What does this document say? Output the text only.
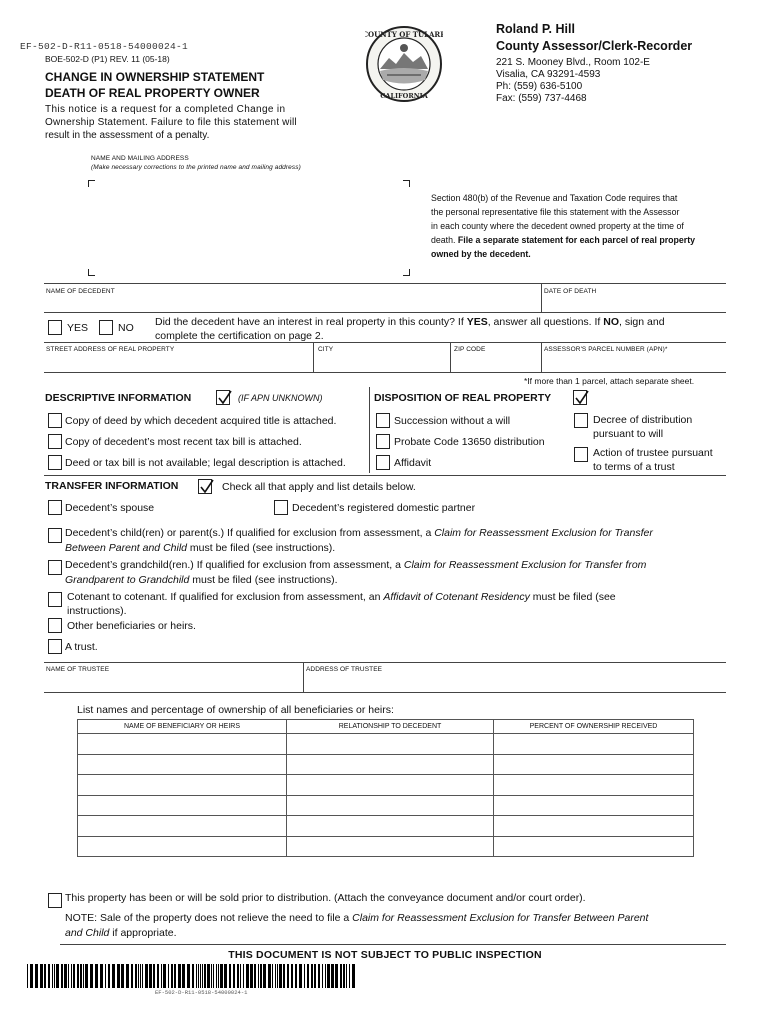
EF-502-D-R11-0518-54000024-1
BOE-502-D (P1) REV. 11 (05-18)
CHANGE IN OWNERSHIP STATEMENT
DEATH OF REAL PROPERTY OWNER
This notice is a request for a completed Change in
Ownership Statement. Failure to file this statement will
result in the assessment of a penalty.
COUNTY OF TULARE
CALIFORNIA
Roland P. Hill
County Assessor/Clerk-Recorder
221 S. Mooney Blvd., Room 102-E
Visalia, CA 93291-4593
Ph: (559) 636-5100
Fax: (559) 737-4468
NAME AND MAILING ADDRESS
(Make necessary corrections to the printed name and mailing address)
Section 480(b) of the Revenue and Taxation Code requires that
the personal representative file this statement with the Assessor
in each county where the decedent owned property at the time of
death. File a separate statement for each parcel of real property
owned by the decedent.
NAME OF DECEDENT	DATE OF DEATH
YES	NO Did the decedent have an interest in real property in this county? If YES, answer all questions. If NO, sign and
complete the certification on page 2.
STREET ADDRESS OF REAL PROPERTY	CITY	ZIP CODE	ASSESSOR'S PARCEL NUMBER (APN)*
*If more than 1 parcel, attach separate sheet.
DESCRIPTIVE INFORMATION	(IF APN UNKNOWN)
Copy of deed by which decedent acquired title is attached.
Copy of decedent’s most recent tax bill is attached.
Deed or tax bill is not available; legal description is attached.
DISPOSITION OF REAL PROPERTY
Succession without a will
Probate Code 13650 distribution
Affidavit
Decree of distribution
pursuant to will
Action of trustee pursuant
to terms of a trust
TRANSFER INFORMATION	Check all that apply and list details below.
Decedent’s spouse	Decedent’s registered domestic partner
Decedent’s child(ren) or parent(s.) If qualified for exclusion from assessment, a Claim for Reassessment Exclusion for Transfer
Between Parent and Child must be filed (see instructions).
Decedent’s grandchild(ren.) If qualified for exclusion from assessment, a Claim for Reassessment Exclusion for Transfer from
Grandparent to Grandchild must be filed (see instructions).
Cotenant to cotenant. If qualified for exclusion from assessment, an Affidavit of Cotenant Residency must be filed (see
instructions).
Other beneficiaries or heirs.
A trust.
NAME OF TRUSTEE	ADDRESS OF TRUSTEE
List names and percentage of ownership of all beneficiaries or heirs:
NAME OF BENEFICIARY OR HEIRS	RELATIONSHIP TO DECEDENT	PERCENT OF OWNERSHIP RECEIVED

This property has been or will be sold prior to distribution. (Attach the conveyance document and/or court order).
NOTE: Sale of the property does not relieve the need to file a Claim for Reassessment Exclusion for Transfer Between Parent
and Child if appropriate.
THIS DOCUMENT IS NOT SUBJECT TO PUBLIC INSPECTION
EF-502-D-R11-0518-54000024-1
